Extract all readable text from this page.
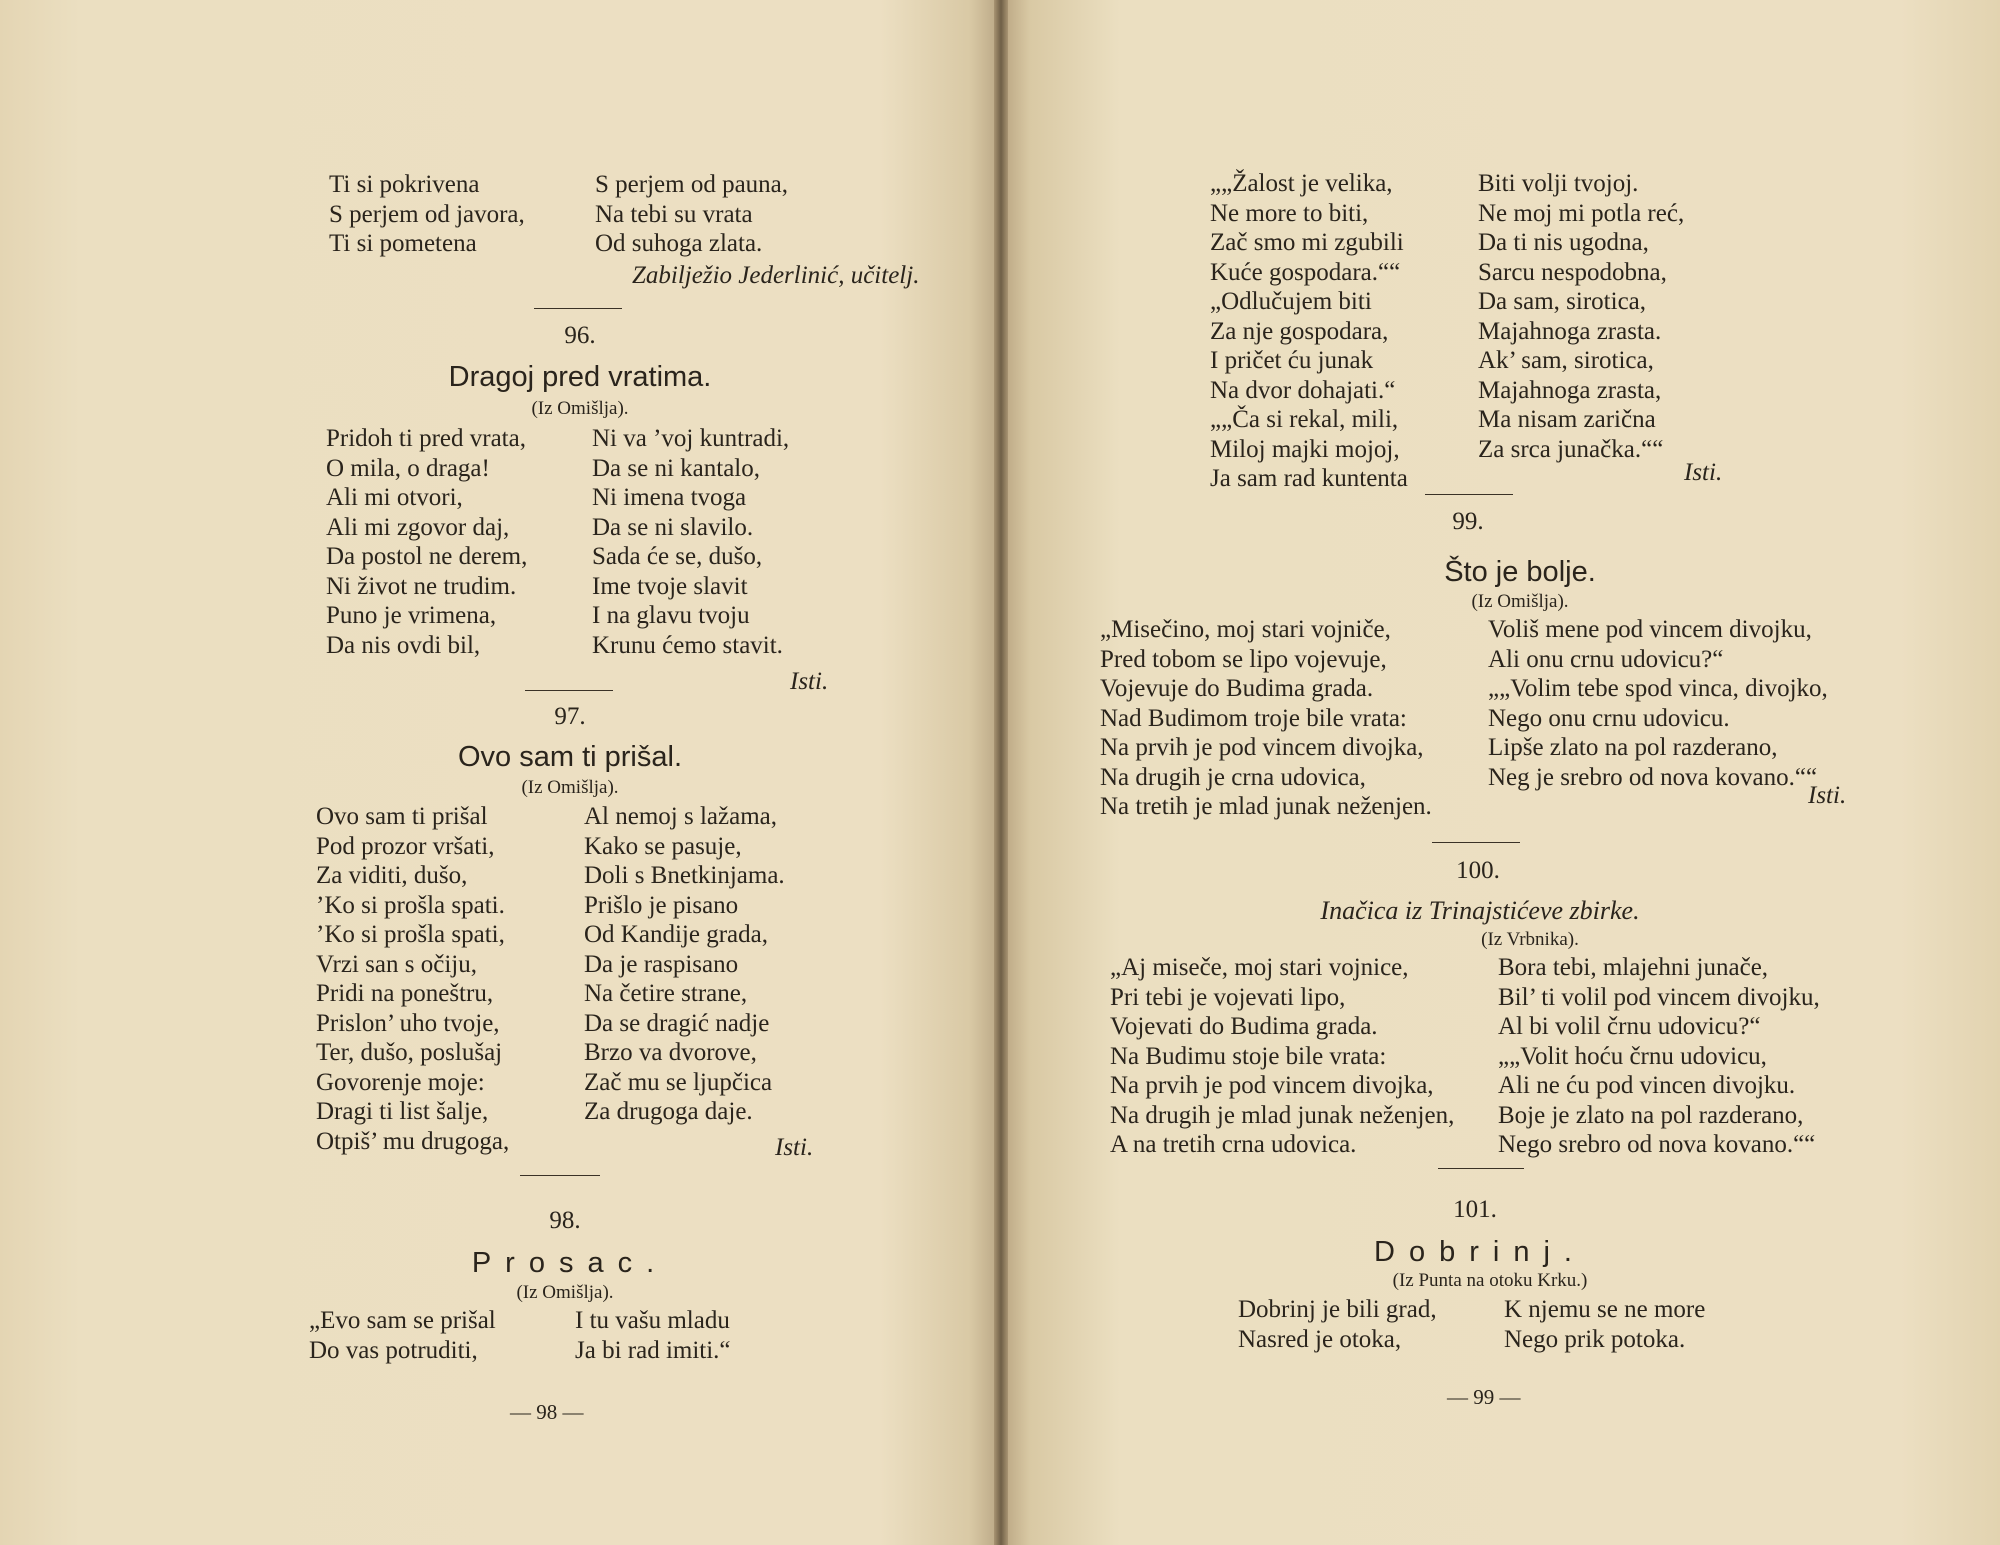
Ti si pokrivena
S perjem od javora,
Ti si pometena
S perjem od pauna,
Na tebi su vrata
Od suhoga zlata.
Zabilježio Jederlinić, učitelj.
96.
Dragoj pred vratima.
(Iz Omišlja).
Pridoh ti pred vrata,
O mila, o draga!
Ali mi otvori,
Ali mi zgovor daj,
Da postol ne derem,
Ni život ne trudim.
Puno je vrimena,
Da nis ovdi bil,
Ni va ’voj kuntradi,
Da se ni kantalo,
Ni imena tvoga
Da se ni slavilo.
Sada će se, dušo,
Ime tvoje slavit
I na glavu tvoju
Krunu ćemo stavit.
Isti.
97.
Ovo sam ti prišal.
(Iz Omišlja).
Ovo sam ti prišal
Pod prozor vršati,
Za viditi, dušo,
’Ko si prošla spati.
’Ko si prošla spati,
Vrzi san s očiju,
Pridi na poneštru,
Prislon’ uho tvoje,
Ter, dušo, poslušaj
Govorenje moje:
Dragi ti list šalje,
Otpiš’ mu drugoga,
Al nemoj s lažama,
Kako se pasuje,
Doli s Bnetkinjama.
Prišlo je pisano
Od Kandije grada,
Da je raspisano
Na četire strane,
Da se dragić nadje
Brzo va dvorove,
Zač mu se ljupčica
Za drugoga daje.
Isti.
98.
Prosac.
(Iz Omišlja).
„Evo sam se prišal
Do vas potruditi,
I tu vašu mladu
Ja bi rad imiti.“
— 98 —
„„Žalost je velika,
Ne more to biti,
Zač smo mi zgubili
Kuće gospodara.““
„Odlučujem biti
Za nje gospodara,
I pričet ću junak
Na dvor dohajati.“
„„Ča si rekal, mili,
Miloj majki mojoj,
Ja sam rad kuntenta
Biti volji tvojoj.
Ne moj mi potla reć,
Da ti nis ugodna,
Sarcu nespodobna,
Da sam, sirotica,
Majahnoga zrasta.
Ak’ sam, sirotica,
Majahnoga zrasta,
Ma nisam zarična
Za srca junačka.““
Isti.
99.
Što je bolje.
(Iz Omišlja).
„Misečino, moj stari vojniče,
Pred tobom se lipo vojevuje,
Vojevuje do Budima grada.
Nad Budimom troje bile vrata:
Na prvih je pod vincem divojka,
Na drugih je crna udovica,
Na tretih je mlad junak neženjen.
Voliš mene pod vincem divojku,
Ali onu crnu udovicu?“
„„Volim tebe spod vinca, divojko,
Nego onu crnu udovicu.
Lipše zlato na pol razderano,
Neg je srebro od nova kovano.““
Isti.
100.
Inačica iz Trinajstićeve zbirke.
(Iz Vrbnika).
„Aj miseče, moj stari vojnice,
Pri tebi je vojevati lipo,
Vojevati do Budima grada.
Na Budimu stoje bile vrata:
Na prvih je pod vincem divojka,
Na drugih je mlad junak neženjen,
A na tretih crna udovica.
Bora tebi, mlajehni junače,
Bil’ ti volil pod vincem divojku,
Al bi volil črnu udovicu?“
„„Volit hoću črnu udovicu,
Ali ne ću pod vincen divojku.
Boje je zlato na pol razderano,
Nego srebro od nova kovano.““
101.
Dobrinj.
(Iz Punta na otoku Krku.)
Dobrinj je bili grad,
Nasred je otoka,
K njemu se ne more
Nego prik potoka.
— 99 —
